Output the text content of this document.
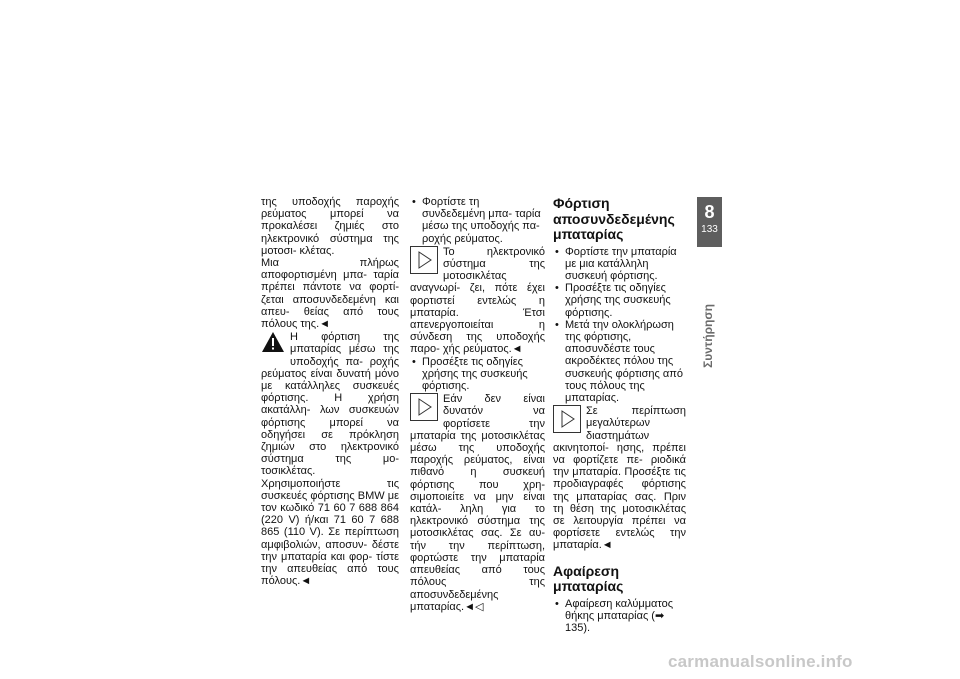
της υποδοχής παροχής ρεύματος μπορεί να προκαλέσει ζημιές στο ηλεκτρονικό σύστημα της μοτοσι- κλέτας.

Μια πλήρως αποφορτισμένη μπα- ταρία πρέπει πάντοτε να φορτί- ζεται αποσυνδεδεμένη και απευ- θείας από τους πόλους της.◄

Η φόρτιση της μπαταρίας μέσω της υποδοχής πα- ροχής ρεύματος είναι δυνατή μόνο με κατάλληλες συσκευές φόρτισης. Η χρήση ακατάλλη- λων συσκευών φόρτισης μπορεί να οδηγήσει σε πρόκληση ζημιών στο ηλεκτρονικό σύστημα της μο- τοσικλέτας.

Χρησιμοποιήστε τις συσκευές φόρτισης BMW με τον κωδικό 71 60 7 688 864 (220 V) ή/και 71 60 7 688 865 (110 V). Σε περίπτωση αμφιβολιών, αποσυν- δέστε την μπαταρία και φορ- τίστε την απευθείας από τους πόλους.◄

• Φορτίστε τη συνδεδεμένη μπα- ταρία μέσω της υποδοχής πα- ροχής ρεύματος.

Το ηλεκτρονικό σύστημα της μοτοσικλέτας αναγνωρί- ζει, πότε έχει φορτιστεί εντελώς η μπαταρία. Έτσι απενεργοποιείται η σύνδεση της υποδοχής παρο- χής ρεύματος.◄

• Προσέξτε τις οδηγίες χρήσης της συσκευής φόρτισης.

Εάν δεν είναι δυνατόν να φορτίσετε την μπαταρία της μοτοσικλέτας μέσω της υποδοχής παροχής ρεύματος, είναι πιθανό η συσκευή φόρτισης που χρη- σιμοποιείτε να μην είναι κατάλ- ληλη για το ηλεκτρονικό σύστημα της μοτοσικλέτας σας. Σε αυ- τήν την περίπτωση, φορτώστε την μπαταρία απευθείας από τους πόλους της αποσυνδεδεμένης μπαταρίας.◄◁

Φόρτιση αποσυνδεδεμένης μπαταρίας

• Φορτίστε την μπαταρία με μια κατάλληλη συσκευή φόρτισης.

• Προσέξτε τις οδηγίες χρήσης της συσκευής φόρτισης.

• Μετά την ολοκλήρωση της φόρτισης, αποσυνδέστε τους ακροδέκτες πόλου της συσκευής φόρτισης από τους πόλους της μπαταρίας.

Σε περίπτωση μεγαλύτερων διαστημάτων ακινητοποί- ησης, πρέπει να φορτίζετε πε- ριοδικά την μπαταρία. Προσέξτε τις προδιαγραφές φόρτισης της μπαταρίας σας. Πριν τη θέση της μοτοσικλέτας σε λειτουργία πρέπει να φορτίσετε εντελώς την μπαταρία.◄

Αφαίρεση μπαταρίας

• Αφαίρεση καλύμματος θήκης μπαταρίας (➡ 135).

8
133
Συντήρηση
carmanualsonline.info
